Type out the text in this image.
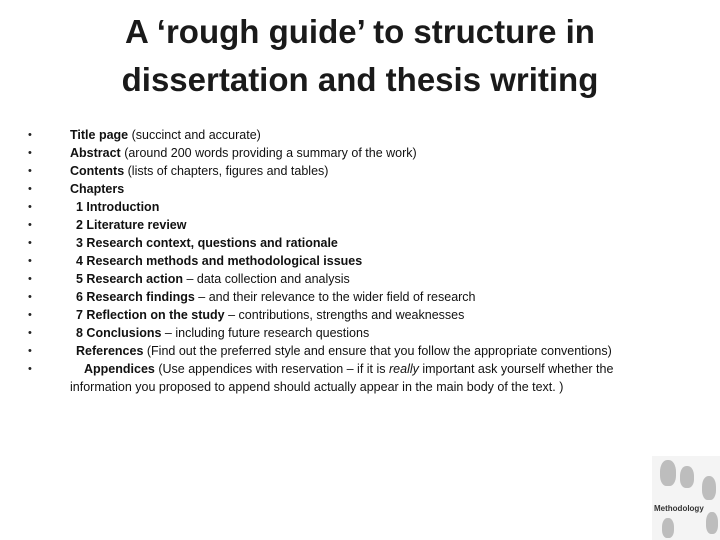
A ‘rough guide’ to structure in
dissertation and thesis writing
• Title page (succinct and accurate)
• Abstract (around 200 words providing a summary of the work)
• Contents (lists of chapters, figures and tables)
• Chapters
• 1 Introduction
• 2 Literature review
• 3 Research context, questions and rationale
• 4 Research methods and methodological issues
• 5 Research action – data collection and analysis
• 6 Research findings – and their relevance to the wider field of research
• 7 Reflection on the study – contributions, strengths and weaknesses
• 8 Conclusions – including future research questions
• References (Find out the preferred style and ensure that you follow the appropriate conventions)
• Appendices (Use appendices with reservation – if it is really important ask yourself whether the information you proposed to append should actually appear in the main body of the text. )
Methodology
